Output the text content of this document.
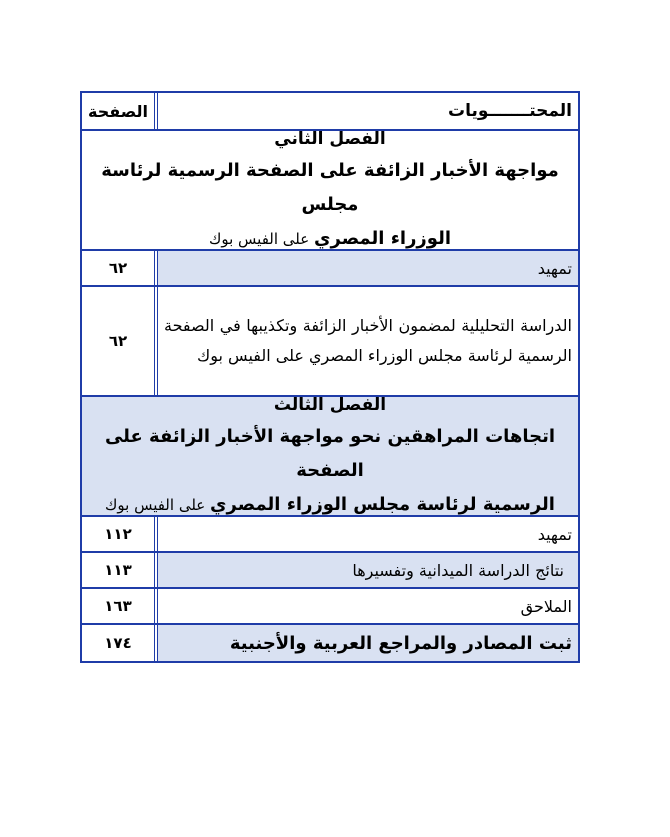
المحتـــــــويات
الصفحة
الفصل الثاني
مواجهة الأخبار الزائفة على الصفحة الرسمية لرئاسة مجلس
الوزراء المصري على الفيس بوك
تمهيد
٦٢
الدراسة التحليلية لمضمون الأخبار الزائفة وتكذيبها في الصفحة الرسمية لرئاسة مجلس الوزراء المصري على الفيس بوك
٦٢
الفصل الثالث
اتجاهات المراهقين نحو مواجهة الأخبار الزائفة على الصفحة
الرسمية لرئاسة مجلس الوزراء المصري على الفيس بوك
تمهيد
١١٢
نتائج الدراسة الميدانية وتفسيرها
١١٣
الملاحق
١٦٣
ثبت المصادر والمراجع العربية والأجنبية
١٧٤
